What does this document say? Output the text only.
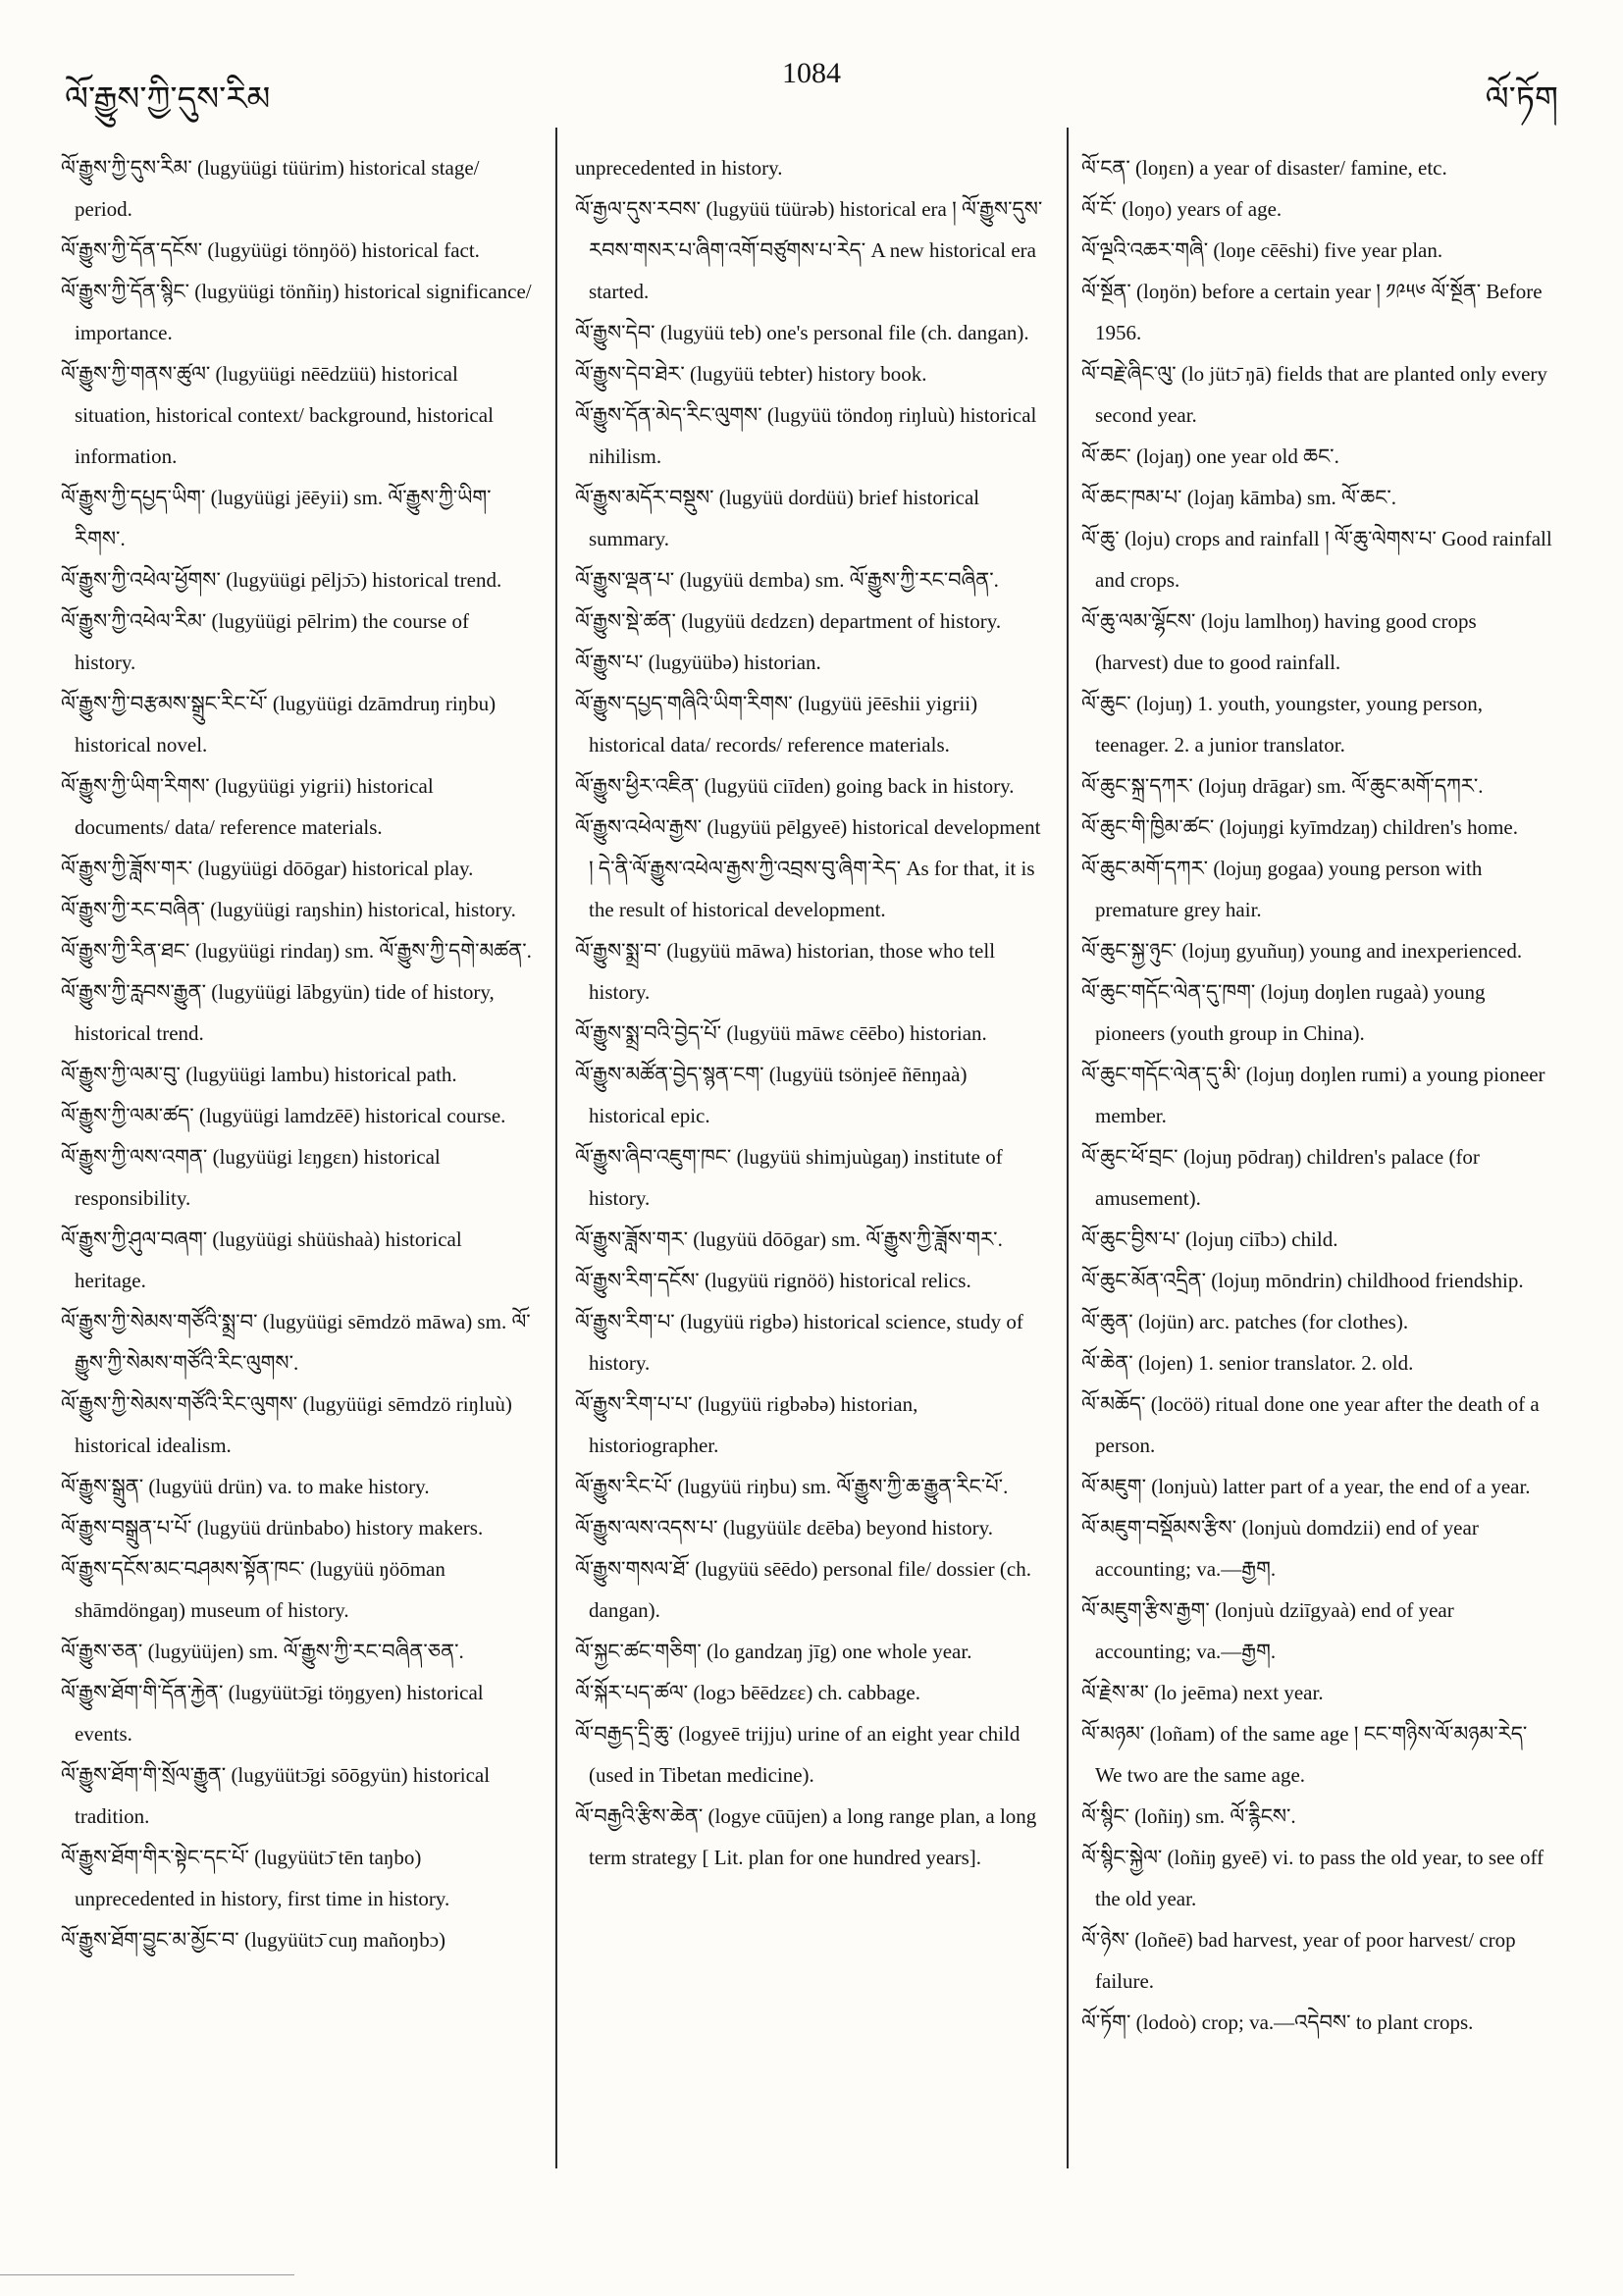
ལོ་རྒྱུས་ཀྱི་དུས་རིམ
1084
ལོ་ཏོག

ལོ་རྒྱུས་ཀྱི་དུས་རིམ་ (lugyüügi tüürim) historical stage/ period.

ལོ་རྒྱུས་ཀྱི་དོན་དངོས་ (lugyüügi tönŋöö) historical fact.

ལོ་རྒྱུས་ཀྱི་དོན་སྙིང་ (lugyüügi tönñiŋ) historical significance/ importance.

ལོ་རྒྱུས་ཀྱི་གནས་ཚུལ་ (lugyüügi nēēdzüü) historical situation, historical context/ background, historical information.

ལོ་རྒྱུས་ཀྱི་དཔྱད་ཡིག་ (lugyüügi jēēyii) sm. ལོ་རྒྱུས་ཀྱི་ཡིག་རིགས་.

ལོ་རྒྱུས་ཀྱི་འཕེལ་ཕྱོགས་ (lugyüügi pēljɔ̄ɔ) historical trend.

ལོ་རྒྱུས་ཀྱི་འཕེལ་རིམ་ (lugyüügi pēlrim) the course of history.

ལོ་རྒྱུས་ཀྱི་བརྩམས་སྒྲུང་རིང་པོ་ (lugyüügi dzāmdruŋ riŋbu) historical novel.

ལོ་རྒྱུས་ཀྱི་ཡིག་རིགས་ (lugyüügi yigrii) historical documents/ data/ reference materials.

ལོ་རྒྱུས་ཀྱི་ཟློས་གར་ (lugyüügi dōōgar) historical play.

ལོ་རྒྱུས་ཀྱི་རང་བཞིན་ (lugyüügi raŋshin) historical, history.

ལོ་རྒྱུས་ཀྱི་རིན་ཐང་ (lugyüügi rindaŋ) sm. ལོ་རྒྱུས་ཀྱི་དགེ་མཚན་.

ལོ་རྒྱུས་ཀྱི་རླབས་རྒྱུན་ (lugyüügi lābgyün) tide of history, historical trend.

ལོ་རྒྱུས་ཀྱི་ལམ་བུ་ (lugyüügi lambu) historical path.

ལོ་རྒྱུས་ཀྱི་ལམ་ཚད་ (lugyüügi lamdzēē) historical course.

ལོ་རྒྱུས་ཀྱི་ལས་འགན་ (lugyüügi lɛŋgɛn) historical responsibility.

ལོ་རྒྱུས་ཀྱི་ཤུལ་བཞག་ (lugyüügi shüüshaà) historical heritage.

ལོ་རྒྱུས་ཀྱི་སེམས་གཙོའི་སྨྲ་བ་ (lugyüügi sēmdzö māwa) sm. ལོ་རྒྱུས་ཀྱི་སེམས་གཙོའི་རིང་ལུགས་.

ལོ་རྒྱུས་ཀྱི་སེམས་གཙོའི་རིང་ལུགས་ (lugyüügi sēmdzö riŋluù) historical idealism.

ལོ་རྒྱུས་སྒྲུན་ (lugyüü drün) va. to make history.

ལོ་རྒྱུས་བསྒྲུན་པ་པོ་ (lugyüü drünbabo) history makers.

ལོ་རྒྱུས་དངོས་མང་བཤམས་སྟོན་ཁང་ (lugyüü ŋöōman shāmdöngaŋ) museum of history.

ལོ་རྒྱུས་ཅན་ (lugyüüjen) sm. ལོ་རྒྱུས་ཀྱི་རང་བཞིན་ཅན་.

ལོ་རྒྱུས་ཐོག་གི་དོན་རྐྱེན་ (lugyüütɔ̄gi töŋgyen) historical events.

ལོ་རྒྱུས་ཐོག་གི་སྲོལ་རྒྱུན་ (lugyüütɔ̄gi sōōgyün) historical tradition.

ལོ་རྒྱུས་ཐོག་གིར་སྟེང་དང་པོ་ (lugyüütɔ̄ tēn taŋbo) unprecedented in history, first time in history.

ལོ་རྒྱུས་ཐོག་བྱུང་མ་མྱོང་བ་ (lugyüütɔ̄ cuŋ mañoŋbɔ)

unprecedented in history.

ལོ་རྒྱལ་དུས་རབས་ (lugyüü tüürəb) historical era ། ལོ་རྒྱུས་དུས་རབས་གསར་པ་ཞིག་འགོ་བཙུགས་པ་རེད་ A new historical era started.

ལོ་རྒྱུས་དེབ་ (lugyüü teb) one's personal file (ch. dangan).

ལོ་རྒྱུས་དེབ་ཐེར་ (lugyüü tebter) history book.

ལོ་རྒྱུས་དོན་མེད་རིང་ལུགས་ (lugyüü töndoŋ riŋluù) historical nihilism.

ལོ་རྒྱུས་མདོར་བསྡུས་ (lugyüü dordüü) brief historical summary.

ལོ་རྒྱུས་ལྡན་པ་ (lugyüü dɛmba) sm. ལོ་རྒྱུས་ཀྱི་རང་བཞིན་.

ལོ་རྒྱུས་སྡེ་ཚན་ (lugyüü dɛdzɛn) department of history.

ལོ་རྒྱུས་པ་ (lugyüübə) historian.

ལོ་རྒྱུས་དཔྱད་གཞིའི་ཡིག་རིགས་ (lugyüü jēēshii yigrii) historical data/ records/ reference materials.

ལོ་རྒྱུས་ཕྱིར་འཇིན་ (lugyüü ciīden) going back in history.

ལོ་རྒྱུས་འཕེལ་རྒྱས་ (lugyüü pēlgyeē) historical development ། དེ་ནི་ལོ་རྒྱུས་འཕེལ་རྒྱས་ཀྱི་འབྲས་བུ་ཞིག་རེད་ As for that, it is the result of historical development.

ལོ་རྒྱུས་སྨྲ་བ་ (lugyüü māwa) historian, those who tell history.

ལོ་རྒྱུས་སྨྲ་བའི་བྱེད་པོ་ (lugyüü māwɛ cēēbo) historian.

ལོ་རྒྱུས་མཚོན་བྱེད་སྙན་ངག་ (lugyüü tsönjeē ñēnŋaà) historical epic.

ལོ་རྒྱུས་ཞིབ་འཇུག་ཁང་ (lugyüü shimjuùgaŋ) institute of history.

ལོ་རྒྱུས་ཟློས་གར་ (lugyüü dōōgar) sm. ལོ་རྒྱུས་ཀྱི་ཟློས་གར་.

ལོ་རྒྱུས་རིག་དངོས་ (lugyüü rignöö) historical relics.

ལོ་རྒྱུས་རིག་པ་ (lugyüü rigbə) historical science, study of history.

ལོ་རྒྱུས་རིག་པ་པ་ (lugyüü rigbəbə) historian, historiographer.

ལོ་རྒྱུས་རིང་པོ་ (lugyüü riŋbu) sm. ལོ་རྒྱུས་ཀྱི་ཆ་རྒྱུན་རིང་པོ་.

ལོ་རྒྱུས་ལས་འདས་པ་ (lugyüülɛ dɛēba) beyond history.

ལོ་རྒྱུས་གསལ་ཐོ་ (lugyüü sēēdo) personal file/ dossier (ch. dangan).

ལོ་སྐྱང་ཚང་གཅིག་ (lo gandzaŋ jīg) one whole year.

ལོ་སྐོར་པད་ཚལ་ (logɔ bēēdzɛɛ) ch. cabbage.

ལོ་བརྒྱད་དྲི་ཆུ་ (logyeē trijju) urine of an eight year child (used in Tibetan medicine).

ལོ་བརྒྱའི་རྩིས་ཆེན་ (logye cūūjen) a long range plan, a long term strategy [ Lit. plan for one hundred years].

ལོ་ངན་ (loŋɛn) a year of disaster/ famine, etc.

ལོ་ངོ་ (loŋo) years of age.

ལོ་ལྔའི་འཆར་གཞི་ (loŋe cēēshi) five year plan.

ལོ་སྔོན་ (loŋön) before a certain year ། ༡༩༥༦ ལོ་སྔོན་ Before 1956.

ལོ་བརྗེ་ཞིང་ལུ་ (lo jütɔ̄ ŋā) fields that are planted only every second year.

ལོ་ཆང་ (lojaŋ) one year old ཆང་.

ལོ་ཆང་ཁམ་པ་ (lojaŋ kāmba) sm. ལོ་ཆང་.

ལོ་ཆུ་ (loju) crops and rainfall ། ལོ་ཆུ་ལེགས་པ་ Good rainfall and crops.

ལོ་ཆུ་ལམ་ལྷོངས་ (loju lamlhoŋ) having good crops (harvest) due to good rainfall.

ལོ་ཆུང་ (lojuŋ) 1. youth, youngster, young person, teenager. 2. a junior translator.

ལོ་ཆུང་སྐྲ་དཀར་ (lojuŋ drāgar) sm. ལོ་ཆུང་མགོ་དཀར་.

ལོ་ཆུང་གི་ཁྱིམ་ཚང་ (lojuŋgi kyīmdzaŋ) children's home.

ལོ་ཆུང་མགོ་དཀར་ (lojuŋ gogaa) young person with premature grey hair.

ལོ་ཆུང་སྐྱ་ཉུང་ (lojuŋ gyuñuŋ) young and inexperienced.

ལོ་ཆུང་གདོང་ལེན་དུ་ཁག་ (lojuŋ doŋlen rugaà) young pioneers (youth group in China).

ལོ་ཆུང་གདོང་ལེན་དུ་མི་ (lojuŋ doŋlen rumi) a young pioneer member.

ལོ་ཆུང་ཕོ་བྲང་ (lojuŋ pōdraŋ) children's palace (for amusement).

ལོ་ཆུང་བྱིས་པ་ (lojuŋ ciībɔ) child.

ལོ་ཆུང་མོན་འདྲིན་ (lojuŋ mōndrin) childhood friendship.

ལོ་ཆུན་ (lojün) arc. patches (for clothes).

ལོ་ཆེན་ (lojen) 1. senior translator. 2. old.

ལོ་མཆོད་ (locöö) ritual done one year after the death of a person.

ལོ་མཇུག་ (lonjuù) latter part of a year, the end of a year.

ལོ་མཇུག་བསྡོམས་རྩིས་ (lonjuù domdzii) end of year accounting; va.—རྒྱག.

ལོ་མཇུག་རྩིས་རྒྱག་ (lonjuù dziīgyaà) end of year accounting; va.—རྒྱག.

ལོ་རྗེས་མ་ (lo jeēma) next year.

ལོ་མཉམ་ (loñam) of the same age ། ངང་གཉིས་ལོ་མཉམ་རེད་ We two are the same age.

ལོ་སྙིང་ (loñiŋ) sm. ལོ་རྙིངས་.

ལོ་སྙིང་སྐྱེལ་ (loñiŋ gyeē) vi. to pass the old year, to see off the old year.

ལོ་ཉེས་ (loñeē) bad harvest, year of poor harvest/ crop failure.

ལོ་ཏོག་ (lodoò) crop; va.—འདེབས་ to plant crops.
